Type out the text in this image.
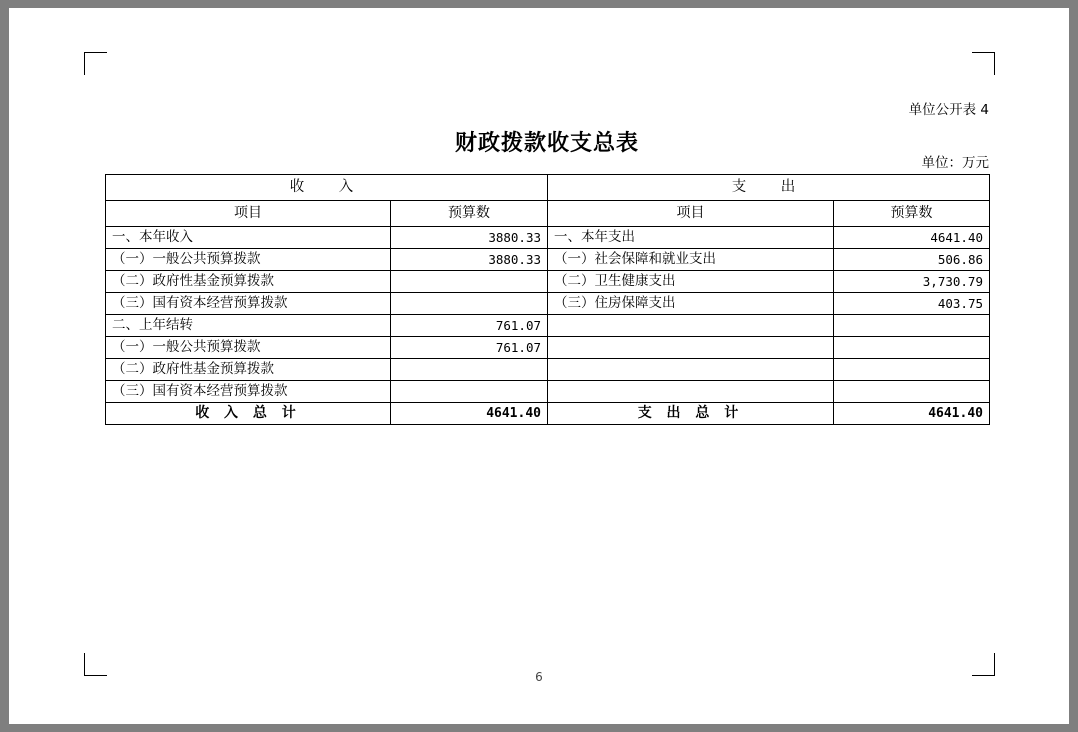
单位公开表 4
财政拨款收支总表
单位：万元
收　入		支　出	
项目	预算数	项目	预算数
一、本年收入	3880.33	一、本年支出	4641.40
（一）一般公共预算拨款	3880.33	（一）社会保障和就业支出	506.86
（二）政府性基金预算拨款		（二）卫生健康支出	3,730.79
（三）国有资本经营预算拨款		（三）住房保障支出	403.75
二、上年结转	761.07		
（一）一般公共预算拨款	761.07		
（二）政府性基金预算拨款			
（三）国有资本经营预算拨款			
收 入 总 计	4641.40	支 出 总 计	4641.40
6
